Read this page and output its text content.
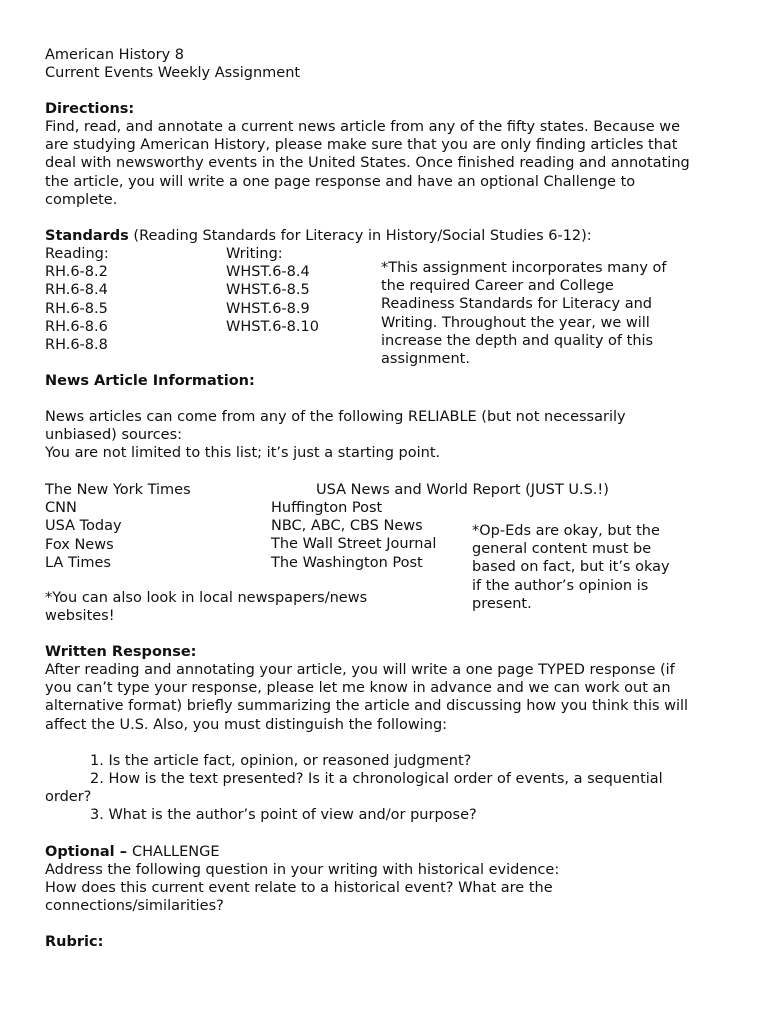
American History 8
Current Events Weekly Assignment
Directions:
Find, read, and annotate a current news article from any of the fifty states. Because we
are studying American History, please make sure that you are only finding articles that
deal with newsworthy events in the United States. Once finished reading and annotating
the article, you will write a one page response and have an optional Challenge to
complete.
Standards (Reading Standards for Literacy in History/Social Studies 6-12):
Reading:
RH.6-8.2
RH.6-8.4
RH.6-8.5
RH.6-8.6
RH.6-8.8
Writing:
WHST.6-8.4
WHST.6-8.5
WHST.6-8.9
WHST.6-8.10
*This assignment incorporates many of
the required Career and College
Readiness Standards for Literacy and
Writing. Throughout the year, we will
increase the depth and quality of this
assignment.
News Article Information:
News articles can come from any of the following RELIABLE (but not necessarily
unbiased) sources:
You are not limited to this list; it’s just a starting point.
The New York Times
CNN
USA Today
Fox News
LA Times
USA News and World Report (JUST U.S.!)
Huffington Post
NBC, ABC, CBS News
The Wall Street Journal
The Washington Post
*Op-Eds are okay, but the
general content must be
based on fact, but it’s okay
if the author’s opinion is
present.
*You can also look in local newspapers/news
websites!
Written Response:
After reading and annotating your article, you will write a one page TYPED response (if
you can’t type your response, please let me know in advance and we can work out an
alternative format) briefly summarizing the article and discussing how you think this will
affect the U.S. Also, you must distinguish the following:
1. Is the article fact, opinion, or reasoned judgment?
2. How is the text presented? Is it a chronological order of events, a sequential
order?
3. What is the author’s point of view and/or purpose?
Optional – CHALLENGE
Address the following question in your writing with historical evidence:
How does this current event relate to a historical event? What are the
connections/similarities?
Rubric:
